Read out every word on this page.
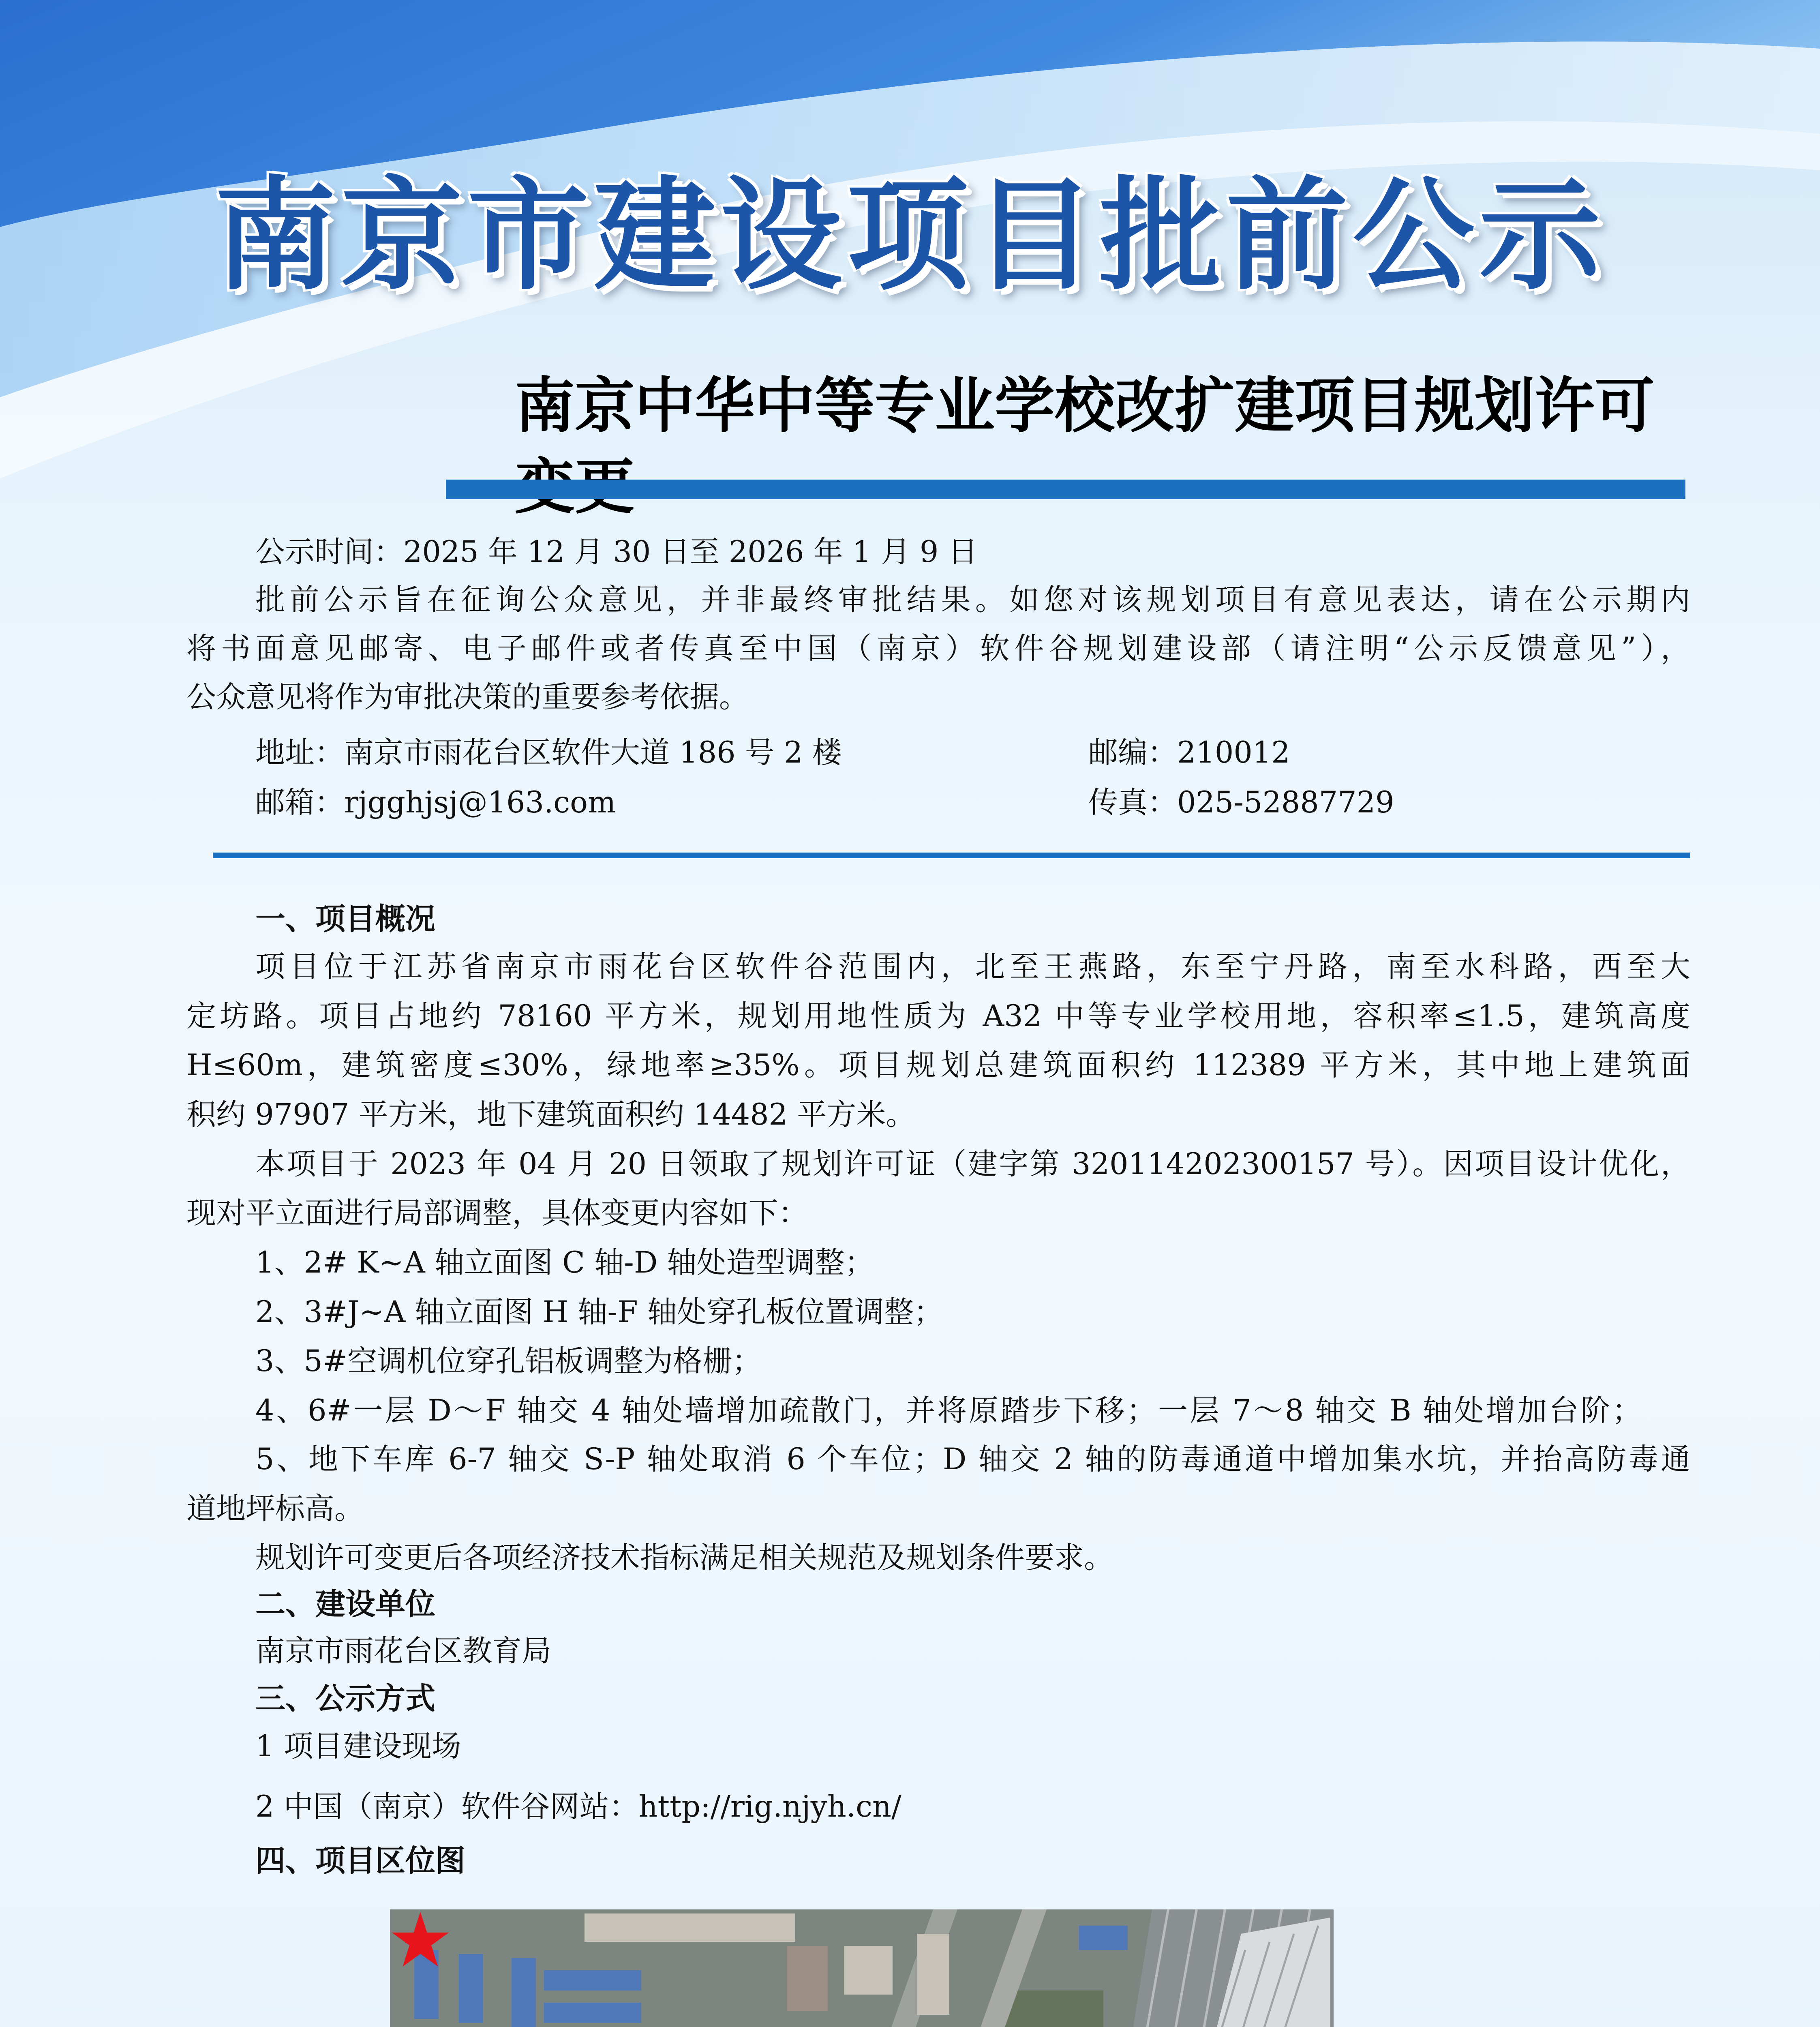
南京市建设项目批前公示
南京中华中等专业学校改扩建项目规划许可
公示时间：2025 年 12 月 30 日至 2026 年 1 月 9 日
批前公示旨在征询公众意见，并非最终审批结果。如您对该规划项目有意见表达，请在公示期内
将书面意见邮寄、电子邮件或者传真至中国（南京）软件谷规划建设部（请注明“公示反馈意见”），
公众意见将作为审批决策的重要参考依据。
地址：南京市雨花台区软件大道 186 号 2 楼	邮编：210012
邮箱：rjgghjsj@163.com	传真：025-52887729
一、项目概况
项目位于江苏省南京市雨花台区软件谷范围内，北至王燕路，东至宁丹路，南至水科路，西至大
定坊路。项目占地约 78160 平方米，规划用地性质为 A32 中等专业学校用地，容积率≤1.5，建筑高度
H≤60m，建筑密度≤30%，绿地率≥35%。项目规划总建筑面积约 112389 平方米，其中地上建筑面
积约 97907 平方米，地下建筑面积约 14482 平方米。
本项目于 2023 年 04 月 20 日领取了规划许可证（建字第 320114202300157 号）。因项目设计优化，
现对平立面进行局部调整，具体变更内容如下：
1、2# K~A 轴立面图 C 轴-D 轴处造型调整；
2、3#J~A 轴立面图 H 轴-F 轴处穿孔板位置调整；
3、5#空调机位穿孔铝板调整为格栅；
4、6#一层 D～F 轴交 4 轴处墙增加疏散门，并将原踏步下移；一层 7～8 轴交 B 轴处增加台阶；
5、地下车库 6-7 轴交 S-P 轴处取消 6 个车位；D 轴交 2 轴的防毒通道中增加集水坑，并抬高防毒通
道地坪标高。
规划许可变更后各项经济技术指标满足相关规范及规划条件要求。
二、建设单位
南京市雨花台区教育局
三、公示方式
1 项目建设现场
2 中国（南京）软件谷网站：http://rig.njyh.cn/
四、项目区位图
